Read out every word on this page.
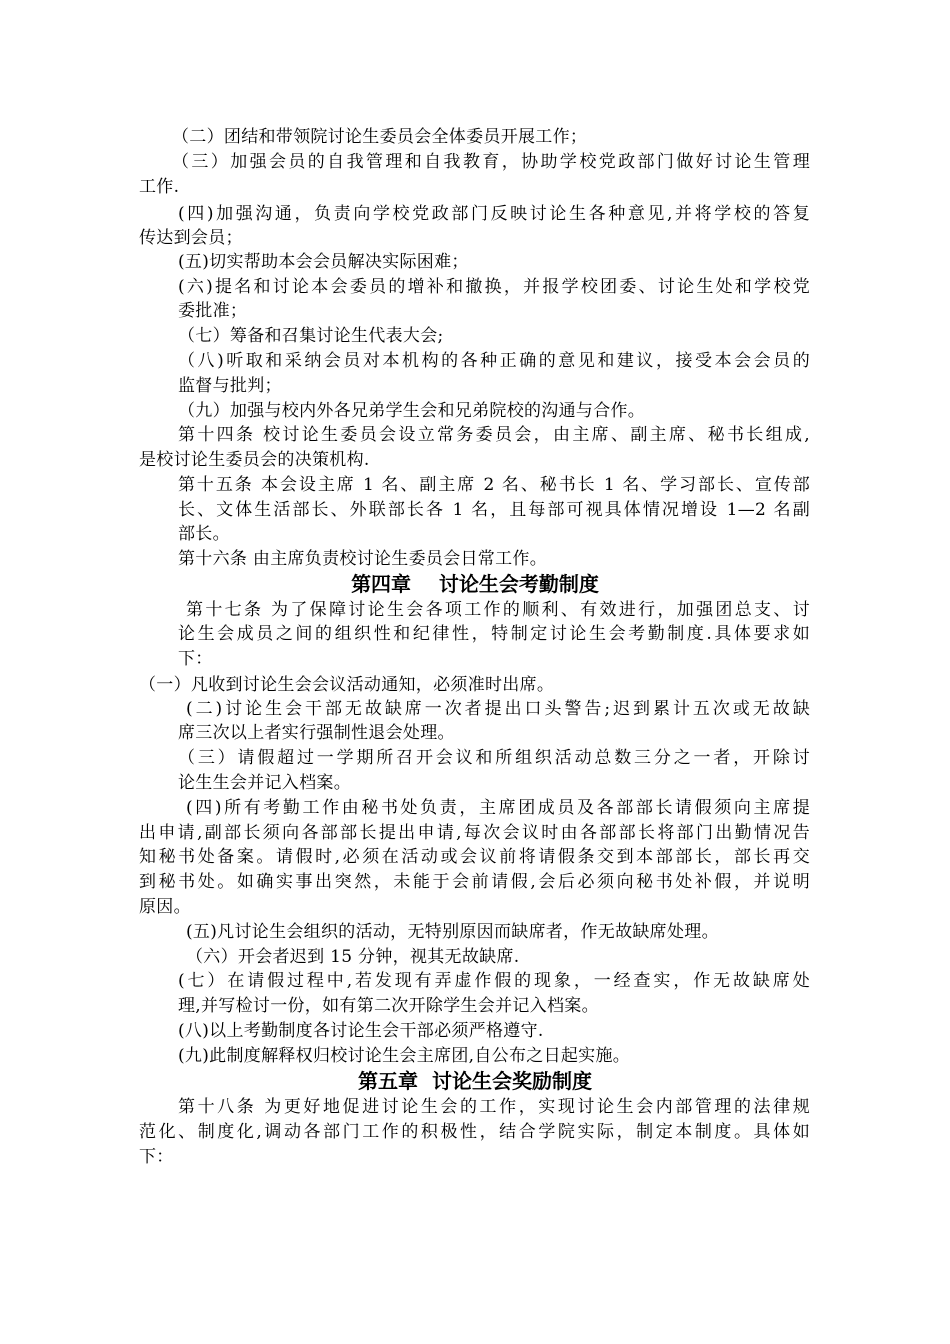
（二）团结和带领院讨论生委员会全体委员开展工作；
（三）加强会员的自我管理和自我教育，协助学校党政部门做好讨论生管理
工作.
(四)加强沟通，负责向学校党政部门反映讨论生各种意见,并将学校的答复
传达到会员；
(五)切实帮助本会会员解决实际困难；
(六)提名和讨论本会委员的增补和撤换，并报学校团委、讨论生处和学校党
委批准；
（七）筹备和召集讨论生代表大会;
（八)听取和采纳会员对本机构的各种正确的意见和建议，接受本会会员的
监督与批判；
（九）加强与校内外各兄弟学生会和兄弟院校的沟通与合作。
第十四条 校讨论生委员会设立常务委员会，由主席、副主席、秘书长组成,
是校讨论生委员会的决策机构.
第十五条 本会设主席 1 名、副主席 2 名、秘书长 1 名、学习部长、宣传部
长、文体生活部长、外联部长各 1 名，且每部可视具体情况增设 1—2 名副
部长。
第十六条 由主席负责校讨论生委员会日常工作。
第四章    讨论生会考勤制度
第十七条 为了保障讨论生会各项工作的顺利、有效进行，加强团总支、讨
论生会成员之间的组织性和纪律性，特制定讨论生会考勤制度.具体要求如
下：
（一）凡收到讨论生会会议活动通知，必须准时出席。
(二)讨论生会干部无故缺席一次者提出口头警告;迟到累计五次或无故缺
席三次以上者实行强制性退会处理。
（三）请假超过一学期所召开会议和所组织活动总数三分之一者，开除讨
论生生会并记入档案。
(四)所有考勤工作由秘书处负责，主席团成员及各部部长请假须向主席提
出申请,副部长须向各部部长提出申请,每次会议时由各部部长将部门出勤情况告
知秘书处备案。请假时,必须在活动或会议前将请假条交到本部部长，部长再交
到秘书处。如确实事出突然，未能于会前请假,会后必须向秘书处补假，并说明
原因。
(五)凡讨论生会组织的活动，无特别原因而缺席者，作无故缺席处理。
（六）开会者迟到 15 分钟，视其无故缺席.
(七）在请假过程中,若发现有弄虚作假的现象，一经查实，作无故缺席处
理,并写检讨一份，如有第二次开除学生会并记入档案。
(八)以上考勤制度各讨论生会干部必须严格遵守.
(九)此制度解释权归校讨论生会主席团,自公布之日起实施。
第五章  讨论生会奖励制度
第十八条 为更好地促进讨论生会的工作，实现讨论生会内部管理的法律规
范化、制度化,调动各部门工作的积极性，结合学院实际，制定本制度。具体如
下：
